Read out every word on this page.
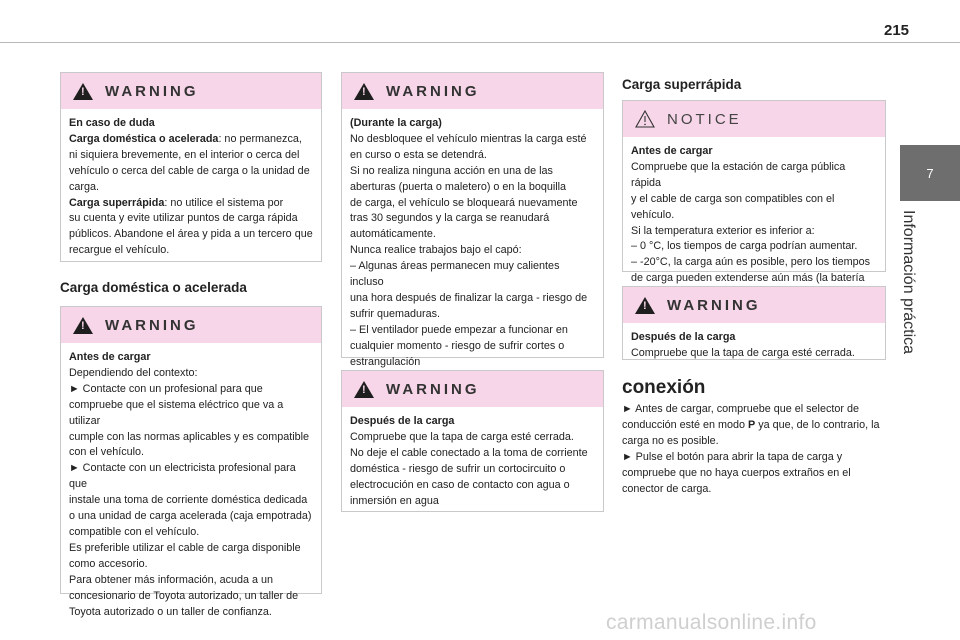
215
7
Información práctica
!
WARNING

En caso de duda

Carga doméstica o acelerada: no permanezca,

ni siquiera brevemente, en el interior o cerca del

vehículo o cerca del cable de carga o la unidad de

carga.

Carga superrápida: no utilice el sistema por

su cuenta y evite utilizar puntos de carga rápida

públicos. Abandone el área y pida a un tercero que

recargue el vehículo.

Carga doméstica o acelerada
!
WARNING

Antes de cargar

Dependiendo del contexto:

► Contacte con un profesional para que

compruebe que el sistema eléctrico que va a utilizar

cumple con las normas aplicables y es compatible

con el vehículo.

► Contacte con un electricista profesional para que

instale una toma de corriente doméstica dedicada

o una unidad de carga acelerada (caja empotrada)

compatible con el vehículo.

Es preferible utilizar el cable de carga disponible

como accesorio.

Para obtener más información, acuda a un

concesionario de Toyota autorizado, un taller de

Toyota autorizado o un taller de confianza.

!
WARNING

(Durante la carga)

No desbloquee el vehículo mientras la carga esté

en curso o esta se detendrá.

Si no realiza ninguna acción en una de las

aberturas (puerta o maletero) o en la boquilla

de carga, el vehículo se bloqueará nuevamente

tras 30 segundos y la carga se reanudará

automáticamente.

Nunca realice trabajos bajo el capó:

– Algunas áreas permanecen muy calientes incluso

una hora después de finalizar la carga - riesgo de

sufrir quemaduras.

– El ventilador puede empezar a funcionar en

cualquier momento - riesgo de sufrir cortes o

estrangulación

!
WARNING

Después de la carga

Compruebe que la tapa de carga esté cerrada.

No deje el cable conectado a la toma de corriente

doméstica - riesgo de sufrir un cortocircuito o

electrocución en caso de contacto con agua o

inmersión en agua

Carga superrápida
NOTICE

Antes de cargar

Compruebe que la estación de carga pública rápida

y el cable de carga son compatibles con el vehículo.

Si la temperatura exterior es inferior a:

– 0 °C, los tiempos de carga podrían aumentar.

– -20°C, la carga aún es posible, pero los tiempos

de carga pueden extenderse aún más (la batería

!
WARNING

Después de la carga

Compruebe que la tapa de carga esté cerrada.

conexión

► Antes de cargar, compruebe que el selector de

conducción esté en modo P ya que, de lo contrario, la

carga no es posible.

► Pulse el botón para abrir la tapa de carga y

compruebe que no haya cuerpos extraños en el

conector de carga.

carmanualsonline.info
